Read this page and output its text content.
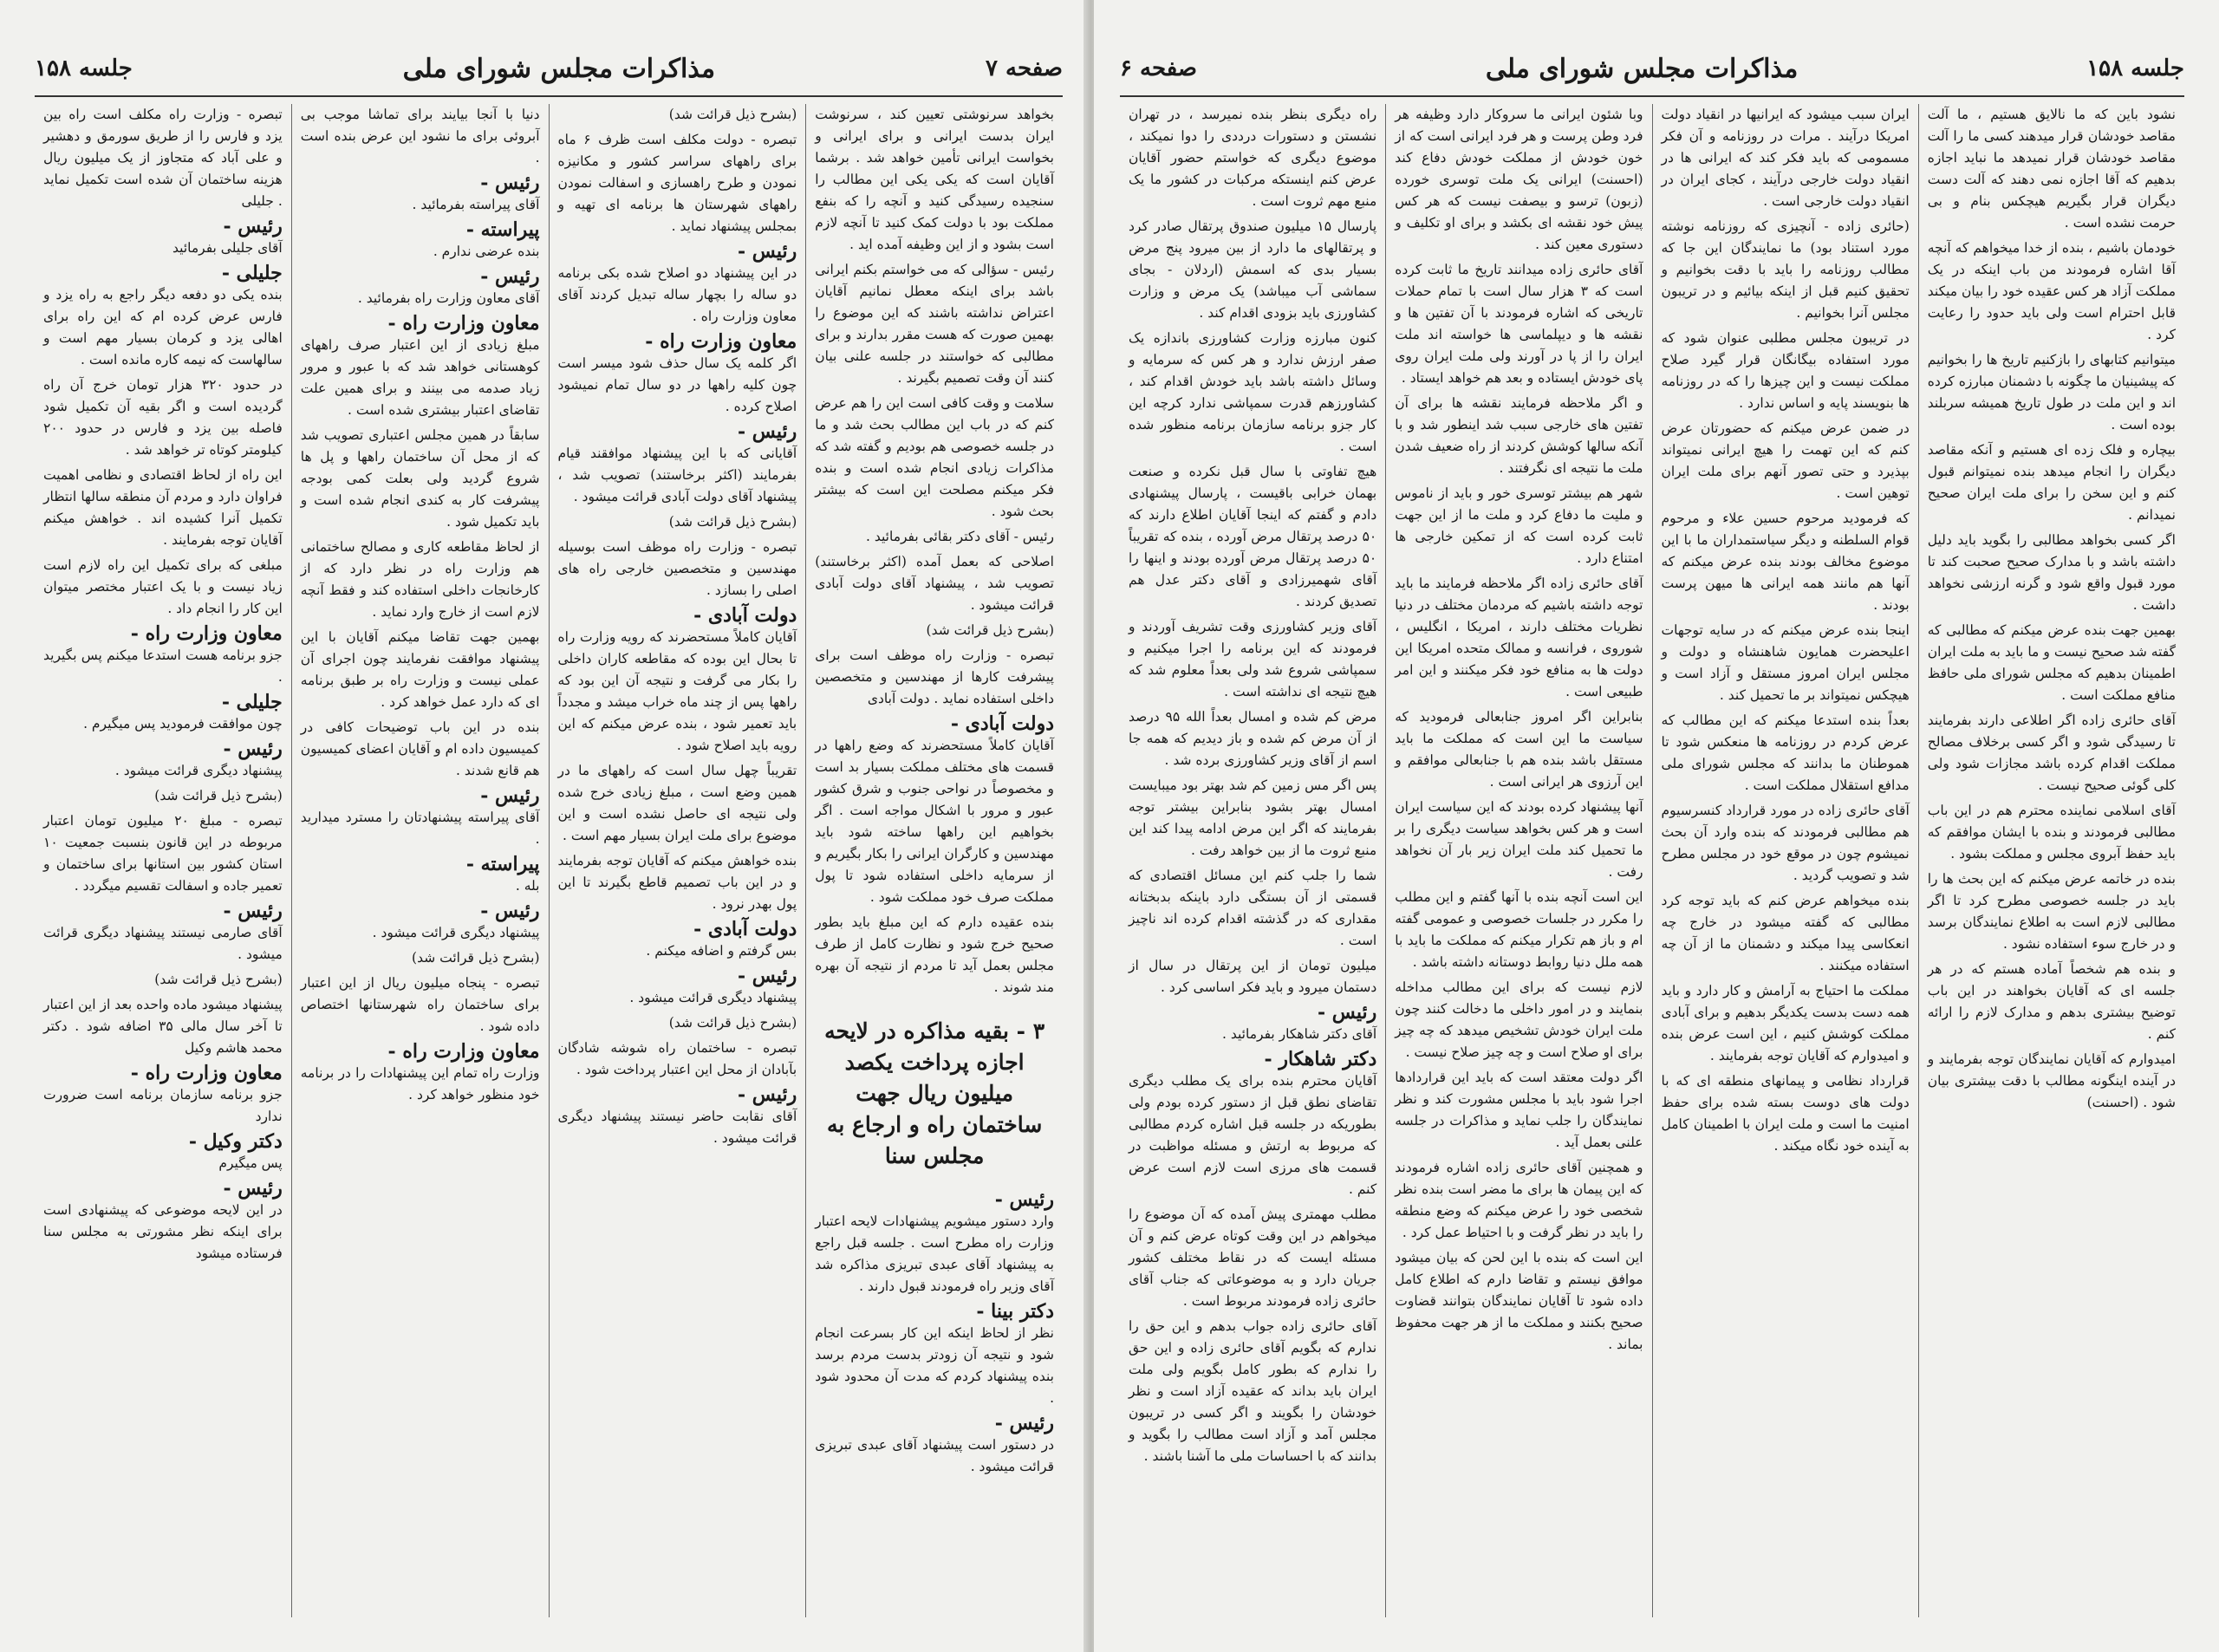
صفحه ۷
مذاکرات مجلس شورای ملی
جلسه ۱۵۸

بخواهد سرنوشتی تعیین کند ، سرنوشت ایران بدست ایرانی و برای ایرانی و بخواست ایرانی تأمین خواهد شد . برشما آقایان است که یکی یکی این مطالب را سنجیده رسیدگی کنید و آنچه را که بنفع مملکت بود با دولت کمک کنید تا آنچه لازم است بشود و از این وظیفه آمده اید .

رئیس - سؤالی که می خواستم بکنم ایرانی باشد برای اینکه معطل نمانیم آقایان اعتراض نداشته باشند که این موضوع را بهمین صورت که هست مقرر بدارند و برای مطالبی که خواستند در جلسه علنی بیان کنند آن وقت تصمیم بگیرند .

سلامت و وقت کافی است این را هم عرض کنم که در باب این مطالب بحث شد و ما در جلسه خصوصی هم بودیم و گفته شد که مذاکرات زیادی انجام شده است و بنده فکر میکنم مصلحت این است که بیشتر بحث شود .

رئیس - آقای دکتر بقائی بفرمائید .

اصلاحی که بعمل آمده (اکثر برخاستند) تصویب شد ، پیشنهاد آقای دولت آبادی قرائت میشود .

(بشرح ذیل قرائت شد)

تبصره - وزارت راه موظف است برای پیشرفت کارها از مهندسین و متخصصین داخلی استفاده نماید . دولت آبادی

دولت آبادی -

آقایان کاملاً مستحضرند که وضع راهها در قسمت های مختلف مملکت بسیار بد است و مخصوصاً در نواحی جنوب و شرق کشور عبور و مرور با اشکال مواجه است . اگر بخواهیم این راهها ساخته شود باید مهندسین و کارگران ایرانی را بکار بگیریم و از سرمایه داخلی استفاده شود تا پول مملکت صرف خود مملکت شود .

بنده عقیده دارم که این مبلغ باید بطور صحیح خرج شود و نظارت کامل از طرف مجلس بعمل آید تا مردم از نتیجه آن بهره مند شوند .

۳ - بقیه مذاکره در لایحه اجازه پرداخت یکصد میلیون ریال جهت ساختمان راه و ارجاع به مجلس سنا
رئیس -

وارد دستور میشویم پیشنهادات لایحه اعتبار وزارت راه مطرح است . جلسه قبل راجع به پیشنهاد آقای عبدی تبریزی مذاکره شد آقای وزیر راه فرمودند قبول دارند .

دکتر بینا -

نظر از لحاظ اینکه این کار بسرعت انجام شود و نتیجه آن زودتر بدست مردم برسد بنده پیشنهاد کردم که مدت آن محدود شود .

رئیس -

در دستور است پیشنهاد آقای عبدی تبریزی قرائت میشود .

(بشرح ذیل قرائت شد)

تبصره - دولت مکلف است ظرف ۶ ماه برای راههای سراسر کشور و مکانیزه نمودن و طرح راهسازی و اسفالت نمودن راههای شهرستان ها برنامه ای تهیه و بمجلس پیشنهاد نماید .

رئیس -

در این پیشنهاد دو اصلاح شده بکی برنامه دو ساله را بچهار ساله تبدیل کردند آقای معاون وزارت راه .

معاون وزارت راه -

اگر کلمه یک سال حذف شود میسر است چون کلیه راهها در دو سال تمام نمیشود اصلاح کرده .

رئیس -

آقایانی که با این پیشنهاد موافقند قیام بفرمایند (اکثر برخاستند) تصویب شد ، پیشنهاد آقای دولت آبادی قرائت میشود .

(بشرح ذیل قرائت شد)

تبصره - وزارت راه موظف است بوسیله مهندسین و متخصصین خارجی راه های اصلی را بسازد .

دولت آبادی -

آقایان کاملاً مستحضرند که رویه وزارت راه تا بحال این بوده که مقاطعه کاران داخلی را بکار می گرفت و نتیجه آن این بود که راهها پس از چند ماه خراب میشد و مجدداً باید تعمیر شود ، بنده عرض میکنم که این رویه باید اصلاح شود .

تقریباً چهل سال است که راههای ما در همین وضع است ، مبلغ زیادی خرج شده ولی نتیجه ای حاصل نشده است و این موضوع برای ملت ایران بسیار مهم است .

بنده خواهش میکنم که آقایان توجه بفرمایند و در این باب تصمیم قاطع بگیرند تا این پول بهدر نرود .

دولت آبادی -

بس گرفتم و اضافه میکنم .

رئیس -

پیشنهاد دیگری قرائت میشود .

(بشرح ذیل قرائت شد)

تبصره - ساختمان راه شوشه شادگان بآبادان از محل این اعتبار پرداخت شود .

رئیس -

آقای نقابت حاضر نیستند پیشنهاد دیگری قرائت میشود .

دنیا با آنجا بیایند برای تماشا موجب بی آبروئی برای ما نشود این عرض بنده است .

رئیس -

آقای پیراسته بفرمائید .

پیراسته -

بنده عرضی ندارم .

رئیس -

آقای معاون وزارت راه بفرمائید .

معاون وزارت راه -

مبلغ زیادی از این اعتبار صرف راههای کوهستانی خواهد شد که با عبور و مرور زیاد صدمه می بینند و برای همین علت تقاضای اعتبار بیشتری شده است .

سابقاً در همین مجلس اعتباری تصویب شد که از محل آن ساختمان راهها و پل ها شروع گردید ولی بعلت کمی بودجه پیشرفت کار به کندی انجام شده است و باید تکمیل شود .

از لحاظ مقاطعه کاری و مصالح ساختمانی هم وزارت راه در نظر دارد که از کارخانجات داخلی استفاده کند و فقط آنچه لازم است از خارج وارد نماید .

بهمین جهت تقاضا میکنم آقایان با این پیشنهاد موافقت نفرمایند چون اجرای آن عملی نیست و وزارت راه بر طبق برنامه ای که دارد عمل خواهد کرد .

بنده در این باب توضیحات کافی در کمیسیون داده ام و آقایان اعضای کمیسیون هم قانع شدند .

رئیس -

آقای پیراسته پیشنهادتان را مسترد میدارید .

پیراسته -

بله .

رئیس -

پیشنهاد دیگری قرائت میشود .

(بشرح ذیل قرائت شد)

تبصره - پنجاه میلیون ریال از این اعتبار برای ساختمان راه شهرستانها اختصاص داده شود .

معاون وزارت راه -

وزارت راه تمام این پیشنهادات را در برنامه خود منظور خواهد کرد .

تبصره - وزارت راه مکلف است راه بین یزد و فارس را از طریق سورمق و دهشیر و علی آباد که متجاوز از یک میلیون ریال هزینه ساختمان آن شده است تکمیل نماید . جلیلی

رئیس -

آقای جلیلی بفرمائید

جلیلی -

بنده یکی دو دفعه دیگر راجع به راه یزد و فارس عرض کرده ام که این راه برای اهالی یزد و کرمان بسیار مهم است و سالهاست که نیمه کاره مانده است .

در حدود ۳۲۰ هزار تومان خرج آن راه گردیده است و اگر بقیه آن تکمیل شود فاصله بین یزد و فارس در حدود ۲۰۰ کیلومتر کوتاه تر خواهد شد .

این راه از لحاظ اقتصادی و نظامی اهمیت فراوان دارد و مردم آن منطقه سالها انتظار تکمیل آنرا کشیده اند . خواهش میکنم آقایان توجه بفرمایند .

مبلغی که برای تکمیل این راه لازم است زیاد نیست و با یک اعتبار مختصر میتوان این کار را انجام داد .

معاون وزارت راه -

جزو برنامه هست استدعا میکنم پس بگیرید .

جلیلی -

چون موافقت فرمودید پس میگیرم .

رئیس -

پیشنهاد دیگری قرائت میشود .

(بشرح ذیل قرائت شد)

تبصره - مبلغ ۲۰ میلیون تومان اعتبار مربوطه در این قانون بنسبت جمعیت ۱۰ استان کشور بین استانها برای ساختمان و تعمیر جاده و اسفالت تقسیم میگردد .

رئیس -

آقای صارمی نیستند پیشنهاد دیگری قرائت میشود .

(بشرح ذیل قرائت شد)

پیشنهاد میشود ماده واحده بعد از این اعتبار تا آخر سال مالی ۳۵ اضافه شود . دکتر محمد هاشم وکیل

معاون وزارت راه -

جزو برنامه سازمان برنامه است ضرورت ندارد

دکتر وکیل -

پس میگیرم

رئیس -

در این لایحه موضوعی که پیشنهادی است برای اینکه نظر مشورتی به مجلس سنا فرستاده میشود

جلسه ۱۵۸
مذاکرات مجلس شورای ملی
صفحه ۶

نشود باین که ما نالایق هستیم ، ما آلت مقاصد خودشان قرار میدهند کسی ما را آلت مقاصد خودشان قرار نمیدهد ما نباید اجازه بدهیم که آقا اجازه نمی دهند که آلت دست دیگران قرار بگیریم هیچکس بنام و بی حرمت نشده است .

خودمان باشیم ، بنده از خدا میخواهم که آنچه آقا اشاره فرمودند من باب اینکه در یک مملکت آزاد هر کس عقیده خود را بیان میکند قابل احترام است ولی باید حدود را رعایت کرد .

میتوانیم کتابهای را بازکنیم تاریخ ها را بخوانیم که پیشینیان ما چگونه با دشمنان مبارزه کرده اند و این ملت در طول تاریخ همیشه سربلند بوده است .

بیچاره و فلک زده ای هستیم و آنکه مقاصد دیگران را انجام میدهد بنده نمیتوانم قبول کنم و این سخن را برای ملت ایران صحیح نمیدانم .

اگر کسی بخواهد مطالبی را بگوید باید دلیل داشته باشد و با مدارک صحیح صحبت کند تا مورد قبول واقع شود و گرنه ارزشی نخواهد داشت .

بهمین جهت بنده عرض میکنم که مطالبی که گفته شد صحیح نیست و ما باید به ملت ایران اطمینان بدهیم که مجلس شورای ملی حافظ منافع مملکت است .

آقای حائری زاده اگر اطلاعی دارند بفرمایند تا رسیدگی شود و اگر کسی برخلاف مصالح مملکت اقدام کرده باشد مجازات شود ولی کلی گوئی صحیح نیست .

آقای اسلامی نماینده محترم هم در این باب مطالبی فرمودند و بنده با ایشان موافقم که باید حفظ آبروی مجلس و مملکت بشود .

بنده در خاتمه عرض میکنم که این بحث ها را باید در جلسه خصوصی مطرح کرد تا اگر مطالبی لازم است به اطلاع نمایندگان برسد و در خارج سوء استفاده نشود .

و بنده هم شخصاً آماده هستم که در هر جلسه ای که آقایان بخواهند در این باب توضیح بیشتری بدهم و مدارک لازم را ارائه کنم .

امیدوارم که آقایان نمایندگان توجه بفرمایند و در آینده اینگونه مطالب با دقت بیشتری بیان شود . (احسنت)

ایران سبب میشود که ایرانیها در انقیاد دولت امریکا درآیند . مرات در روزنامه و آن فکر مسمومی که باید فکر کند که ایرانی ها در انقیاد دولت خارجی درآیند ، کجای ایران در انقیاد دولت خارجی است .

(حائری زاده - آنچیزی که روزنامه نوشته مورد استناد بود) ما نمایندگان این جا که مطالب روزنامه را باید با دقت بخوانیم و تحقیق کنیم قبل از اینکه بیائیم و در تریبون مجلس آنرا بخوانیم .

در تریبون مجلس مطلبی عنوان شود که مورد استفاده بیگانگان قرار گیرد صلاح مملکت نیست و این چیزها را که در روزنامه ها بنویسند پایه و اساس ندارد .

در ضمن عرض میکنم که حضورتان عرض کنم که این تهمت را هیچ ایرانی نمیتواند بپذیرد و حتی تصور آنهم برای ملت ایران توهین است .

که فرمودید مرحوم حسین علاء و مرحوم قوام السلطنه و دیگر سیاستمداران ما با این موضوع مخالف بودند بنده عرض میکنم که آنها هم مانند همه ایرانی ها میهن پرست بودند .

اینجا بنده عرض میکنم که در سایه توجهات اعلیحضرت همایون شاهنشاه و دولت و مجلس ایران امروز مستقل و آزاد است و هیچکس نمیتواند بر ما تحمیل کند .

بعداً بنده استدعا میکنم که این مطالب که عرض کردم در روزنامه ها منعکس شود تا هموطنان ما بدانند که مجلس شورای ملی مدافع استقلال مملکت است .

آقای حائری زاده در مورد قرارداد کنسرسیوم هم مطالبی فرمودند که بنده وارد آن بحث نمیشوم چون در موقع خود در مجلس مطرح شد و تصویب گردید .

بنده میخواهم عرض کنم که باید توجه کرد مطالبی که گفته میشود در خارج چه انعکاسی پیدا میکند و دشمنان ما از آن چه استفاده میکنند .

مملکت ما احتیاج به آرامش و کار دارد و باید همه دست بدست یکدیگر بدهیم و برای آبادی مملکت کوشش کنیم ، این است عرض بنده و امیدوارم که آقایان توجه بفرمایند .

قرارداد نظامی و پیمانهای منطقه ای که با دولت های دوست بسته شده برای حفظ امنیت ما است و ملت ایران با اطمینان کامل به آینده خود نگاه میکند .

وبا شئون ایرانی ما سروکار دارد وظیفه هر فرد وطن پرست و هر فرد ایرانی است که از خون خودش از مملکت خودش دفاع کند (احسنت) ایرانی یک ملت توسری خورده (زبون) ترسو و بیصفت نیست که هر کس پیش خود نقشه ای بکشد و برای او تکلیف و دستوری معین کند .

آقای حائری زاده میدانند تاریخ ما ثابت کرده است که ۳ هزار سال است با تمام حملات تاریخی که اشاره فرمودند با آن تفتین ها و نقشه ها و دیپلماسی ها خواسته اند ملت ایران را از پا در آورند ولی ملت ایران روی پای خودش ایستاده و بعد هم خواهد ایستاد .

و اگر ملاحظه فرمایند نقشه ها برای آن تفتین های خارجی سبب شد اینطور شد و با آنکه سالها کوشش کردند از راه ضعیف شدن ملت ما نتیجه ای نگرفتند .

شهر هم بیشتر توسری خور و باید از ناموس و ملیت ما دفاع کرد و ملت ما از این جهت ثابت کرده است که از تمکین خارجی ها امتناع دارد .

آقای حائری زاده اگر ملاحظه فرمایند ما باید توجه داشته باشیم که مردمان مختلف در دنیا نظریات مختلف دارند ، امریکا ، انگلیس ، شوروی ، فرانسه و ممالک متحده امریکا این دولت ها به منافع خود فکر میکنند و این امر طبیعی است .

بنابراین اگر امروز جنابعالی فرمودید که سیاست ما این است که مملکت ما باید مستقل باشد بنده هم با جنابعالی موافقم و این آرزوی هر ایرانی است .

آنها پیشنهاد کرده بودند که این سیاست ایران است و هر کس بخواهد سیاست دیگری را بر ما تحمیل کند ملت ایران زیر بار آن نخواهد رفت .

این است آنچه بنده با آنها گفتم و این مطلب را مکرر در جلسات خصوصی و عمومی گفته ام و باز هم تکرار میکنم که مملکت ما باید با همه ملل دنیا روابط دوستانه داشته باشد .

لازم نیست که برای این مطالب مداخله بنمایند و در امور داخلی ما دخالت کنند چون ملت ایران خودش تشخیص میدهد که چه چیز برای او صلاح است و چه چیز صلاح نیست .

اگر دولت معتقد است که باید این قراردادها اجرا شود باید با مجلس مشورت کند و نظر نمایندگان را جلب نماید و مذاکرات در جلسه علنی بعمل آید .

و همچنین آقای حائری زاده اشاره فرمودند که این پیمان ها برای ما مضر است بنده نظر شخصی خود را عرض میکنم که وضع منطقه را باید در نظر گرفت و با احتیاط عمل کرد .

این است که بنده با این لحن که بیان میشود موافق نیستم و تقاضا دارم که اطلاع کامل داده شود تا آقایان نمایندگان بتوانند قضاوت صحیح بکنند و مملکت ما از هر جهت محفوظ بماند .

راه دیگری بنظر بنده نمیرسد ، در تهران نشستن و دستورات درددی را دوا نمیکند ، موضوع دیگری که خواستم حضور آقایان عرض کنم اینستکه مرکبات در کشور ما یک منبع مهم ثروت است .

پارسال ۱۵ میلیون صندوق پرتقال صادر کرد و پرتقالهای ما دارد از بین میرود پنج مرض بسیار بدی که اسمش (اردلان - بجای سماشی آب میباشد) یک مرض و وزارت کشاورزی باید بزودی اقدام کند .

کنون مبارزه وزارت کشاورزی باندازه یک صفر ارزش ندارد و هر کس که سرمایه و وسائل داشته باشد باید خودش اقدام کند ، کشاورزهم قدرت سمپاشی ندارد کرچه این کار جزو برنامه سازمان برنامه منظور شده است .

هیچ تفاوتی با سال قبل نکرده و صنعت بهمان خرابی باقیست ، پارسال پیشنهادی دادم و گفتم که اینجا آقایان اطلاع دارند که ۵۰ درصد پرتقال مرض آورده ، بنده که تقریباً ۵۰ درصد پرتقال مرض آورده بودند و اینها را آقای شهمیرزادی و آقای دکتر عدل هم تصدیق کردند .

آقای وزیر کشاورزی وقت تشریف آوردند و فرمودند که این برنامه را اجرا میکنیم و سمپاشی شروع شد ولی بعداً معلوم شد که هیچ نتیجه ای نداشته است .

مرض کم شده و امسال بعداً الله ۹۵ درصد از آن مرض کم شده و باز دیدیم که همه جا اسم از آقای وزیر کشاورزی برده شد .

پس اگر مس زمین کم شد بهتر بود میبایست امسال بهتر بشود بنابراین بیشتر توجه بفرمایند که اگر این مرض ادامه پیدا کند این منبع ثروت ما از بین خواهد رفت .

شما را جلب کنم این مسائل اقتصادی که قسمتی از آن بستگی دارد باینکه بدبختانه مقداری که در گذشته اقدام کرده اند ناچیز است .

میلیون تومان از این پرتقال در سال از دستمان میرود و باید فکر اساسی کرد .

رئیس -

آقای دکتر شاهکار بفرمائید .

دکتر شاهکار -

آقایان محترم بنده برای یک مطلب دیگری تقاضای نطق قبل از دستور کرده بودم ولی بطوریکه در جلسه قبل اشاره کردم مطالبی که مربوط به ارتش و مسئله مواظبت در قسمت های مرزی است لازم است عرض کنم .

مطلب مهمتری پیش آمده که آن موضوع را میخواهم در این وقت کوتاه عرض کنم و آن مسئله ایست که در نقاط مختلف کشور جریان دارد و به موضوعاتی که جناب آقای حائری زاده فرمودند مربوط است .

آقای حائری زاده جواب بدهم و این حق را ندارم که بگویم آقای حائری زاده و این حق را ندارم که بطور کامل بگویم ولی ملت ایران باید بداند که عقیده آزاد است و نظر خودشان را بگویند و اگر کسی در تریبون مجلس آمد و آزاد است مطالب را بگوید و بدانند که با احساسات ملی ما آشنا باشند .
